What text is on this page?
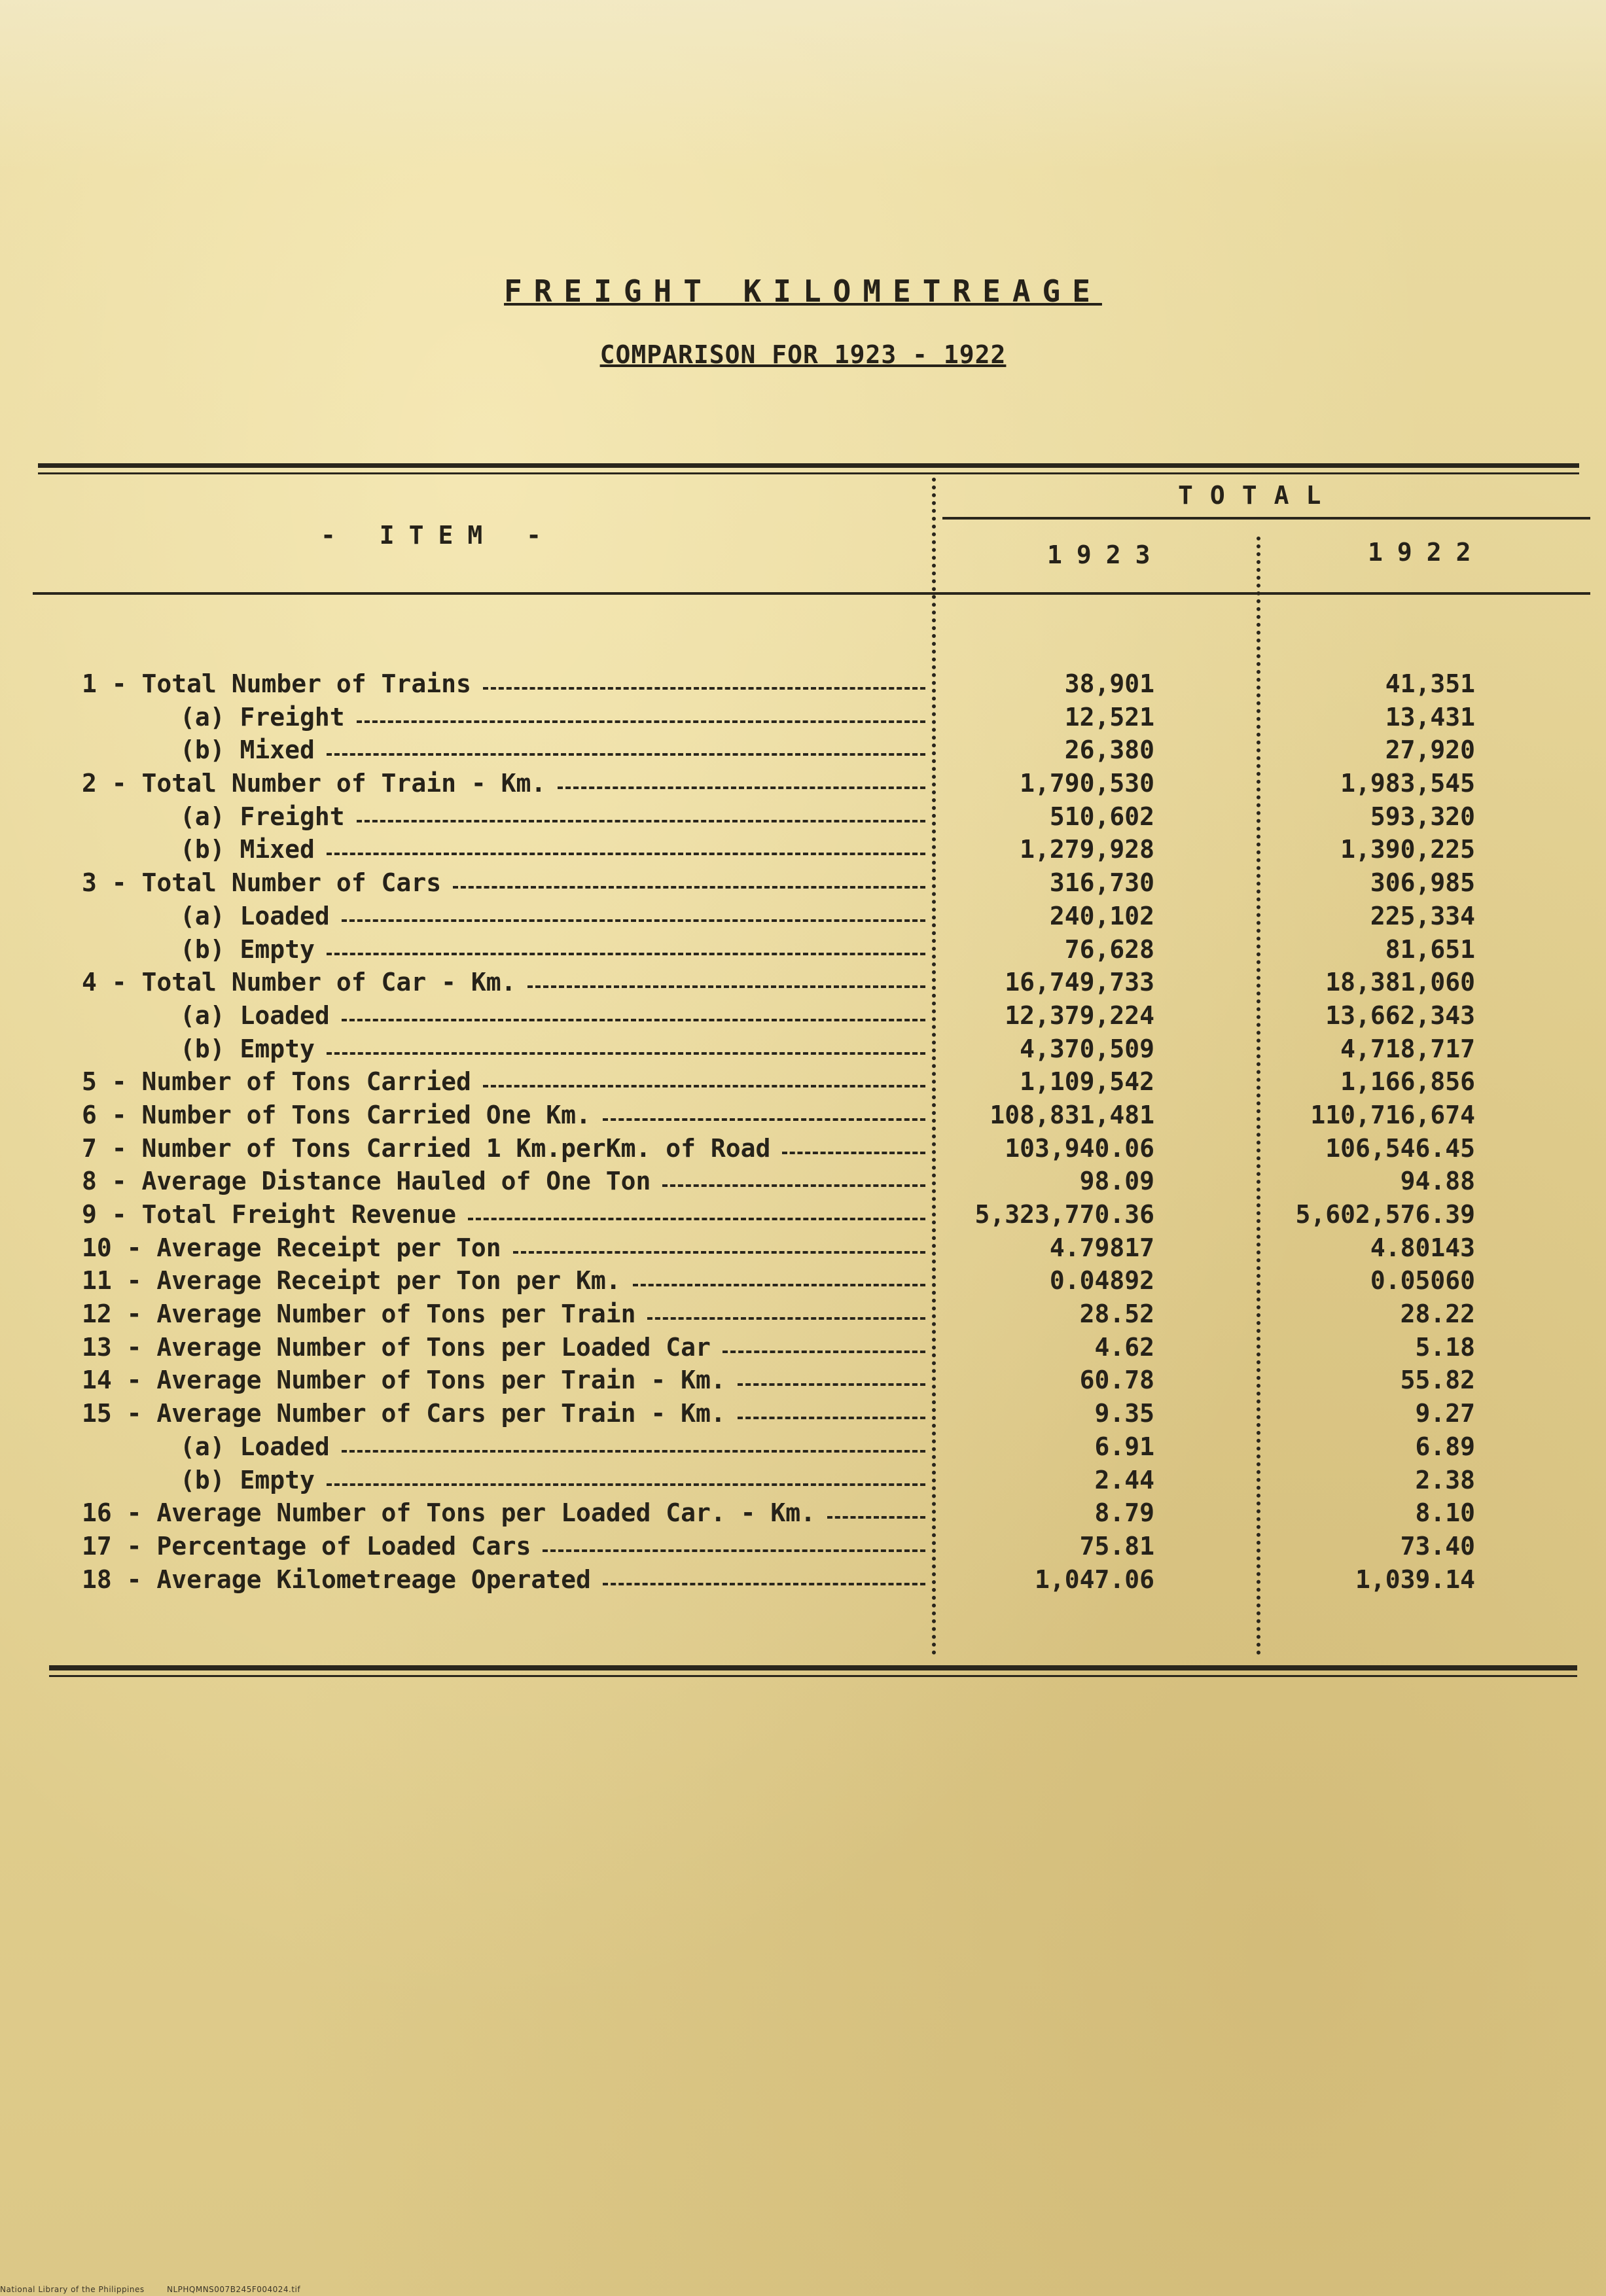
FREIGHT KILOMETREAGE
COMPARISON FOR 1923 - 1922
- ITEM -
TOTAL
1923	1922
1 - Total Number of Trains	38,901	41,351
(a) Freight	12,521	13,431
(b) Mixed	26,380	27,920
2 - Total Number of Train - Km.	1,790,530	1,983,545
(a) Freight	510,602	593,320
(b) Mixed	1,279,928	1,390,225
3 - Total Number of Cars	316,730	306,985
(a) Loaded	240,102	225,334
(b) Empty	76,628	81,651
4 - Total Number of Car - Km.	16,749,733	18,381,060
(a) Loaded	12,379,224	13,662,343
(b) Empty	4,370,509	4,718,717
5 - Number of Tons Carried	1,109,542	1,166,856
6 - Number of Tons Carried One Km.	108,831,481	110,716,674
7 - Number of Tons Carried 1 Km.perKm. of Road	103,940.06	106,546.45
8 - Average Distance Hauled of One Ton	98.09	94.88
9 - Total Freight Revenue	5,323,770.36	5,602,576.39
10 - Average Receipt per Ton	4.79817	4.80143
11 - Average Receipt per Ton per Km.	0.04892	0.05060
12 - Average Number of Tons per Train	28.52	28.22
13 - Average Number of Tons per Loaded Car	4.62	5.18
14 - Average Number of Tons per Train - Km.	60.78	55.82
15 - Average Number of Cars per Train - Km.	9.35	9.27
(a) Loaded	6.91	6.89
(b) Empty	2.44	2.38
16 - Average Number of Tons per Loaded Car. - Km.	8.79	8.10
17 - Percentage of Loaded Cars	75.81	73.40
18 - Average Kilometreage Operated	1,047.06	1,039.14
National Library of the Philippines	NLPHQMNS007B245F004024.tif
